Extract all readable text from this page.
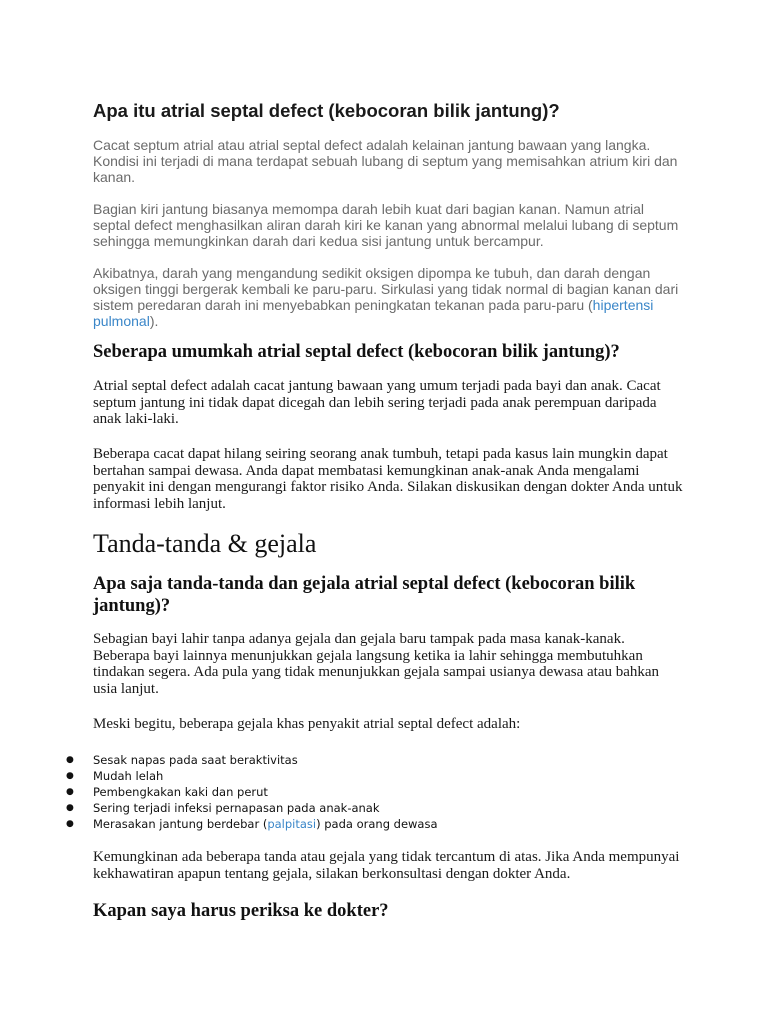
Apa itu atrial septal defect (kebocoran bilik jantung)?

Cacat septum atrial atau atrial septal defect adalah kelainan jantung bawaan yang langka. Kondisi ini terjadi di mana terdapat sebuah lubang di septum yang memisahkan atrium kiri dan kanan.

Bagian kiri jantung biasanya memompa darah lebih kuat dari bagian kanan. Namun atrial septal defect menghasilkan aliran darah kiri ke kanan yang abnormal melalui lubang di septum sehingga memungkinkan darah dari kedua sisi jantung untuk bercampur.

Akibatnya, darah yang mengandung sedikit oksigen dipompa ke tubuh, dan darah dengan oksigen tinggi bergerak kembali ke paru-paru. Sirkulasi yang tidak normal di bagian kanan dari sistem peredaran darah ini menyebabkan peningkatan tekanan pada paru-paru (hipertensi pulmonal).

Seberapa umumkah atrial septal defect (kebocoran bilik jantung)?

Atrial septal defect adalah cacat jantung bawaan yang umum terjadi pada bayi dan anak. Cacat septum jantung ini tidak dapat dicegah dan lebih sering terjadi pada anak perempuan daripada anak laki-laki.

Beberapa cacat dapat hilang seiring seorang anak tumbuh, tetapi pada kasus lain mungkin dapat bertahan sampai dewasa. Anda dapat membatasi kemungkinan anak-anak Anda mengalami penyakit ini dengan mengurangi faktor risiko Anda. Silakan diskusikan dengan dokter Anda untuk informasi lebih lanjut.

Tanda-tanda & gejala
Apa saja tanda-tanda dan gejala atrial septal defect (kebocoran bilik jantung)?

Sebagian bayi lahir tanpa adanya gejala dan gejala baru tampak pada masa kanak-kanak. Beberapa bayi lainnya menunjukkan gejala langsung ketika ia lahir sehingga membutuhkan tindakan segera. Ada pula yang tidak menunjukkan gejala sampai usianya dewasa atau bahkan usia lanjut.

Meski begitu, beberapa gejala khas penyakit atrial septal defect adalah:

● Sesak napas pada saat beraktivitas
● Mudah lelah
● Pembengkakan kaki dan perut
● Sering terjadi infeksi pernapasan pada anak-anak
● Merasakan jantung berdebar (palpitasi) pada orang dewasa

Kemungkinan ada beberapa tanda atau gejala yang tidak tercantum di atas. Jika Anda mempunyai kekhawatiran apapun tentang gejala, silakan berkonsultasi dengan dokter Anda.

Kapan saya harus periksa ke dokter?
